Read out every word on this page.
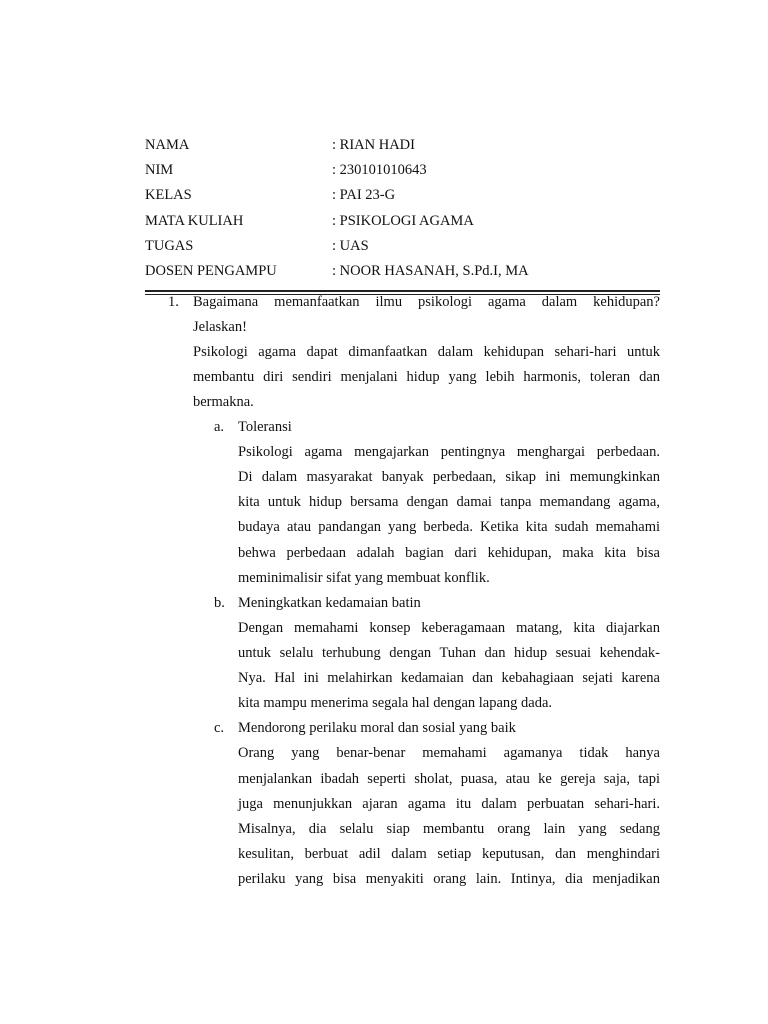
NAMA	: RIAN HADI
NIM	: 230101010643
KELAS	: PAI 23-G
MATA KULIAH	: PSIKOLOGI AGAMA
TUGAS	: UAS
DOSEN PENGAMPU	: NOOR HASANAH, S.Pd.I, MA
1. Bagaimana memanfaatkan ilmu psikologi agama dalam kehidupan?
Jelaskan!
Psikologi agama dapat dimanfaatkan dalam kehidupan sehari-hari untuk
membantu diri sendiri menjalani hidup yang lebih harmonis, toleran dan
bermakna.
a. Toleransi
Psikologi agama mengajarkan pentingnya menghargai perbedaan.
Di dalam masyarakat banyak perbedaan, sikap ini memungkinkan
kita untuk hidup bersama dengan damai tanpa memandang agama,
budaya atau pandangan yang berbeda. Ketika kita sudah memahami
behwa perbedaan adalah bagian dari kehidupan, maka kita bisa
meminimalisir sifat yang membuat konflik.
b. Meningkatkan kedamaian batin
Dengan memahami konsep keberagamaan matang, kita diajarkan
untuk selalu terhubung dengan Tuhan dan hidup sesuai kehendak-
Nya. Hal ini melahirkan kedamaian dan kebahagiaan sejati karena
kita mampu menerima segala hal dengan lapang dada.
c. Mendorong perilaku moral dan sosial yang baik
Orang yang benar-benar memahami agamanya tidak hanya
menjalankan ibadah seperti sholat, puasa, atau ke gereja saja, tapi
juga menunjukkan ajaran agama itu dalam perbuatan sehari-hari.
Misalnya, dia selalu siap membantu orang lain yang sedang
kesulitan, berbuat adil dalam setiap keputusan, dan menghindari
perilaku yang bisa menyakiti orang lain. Intinya, dia menjadikan
